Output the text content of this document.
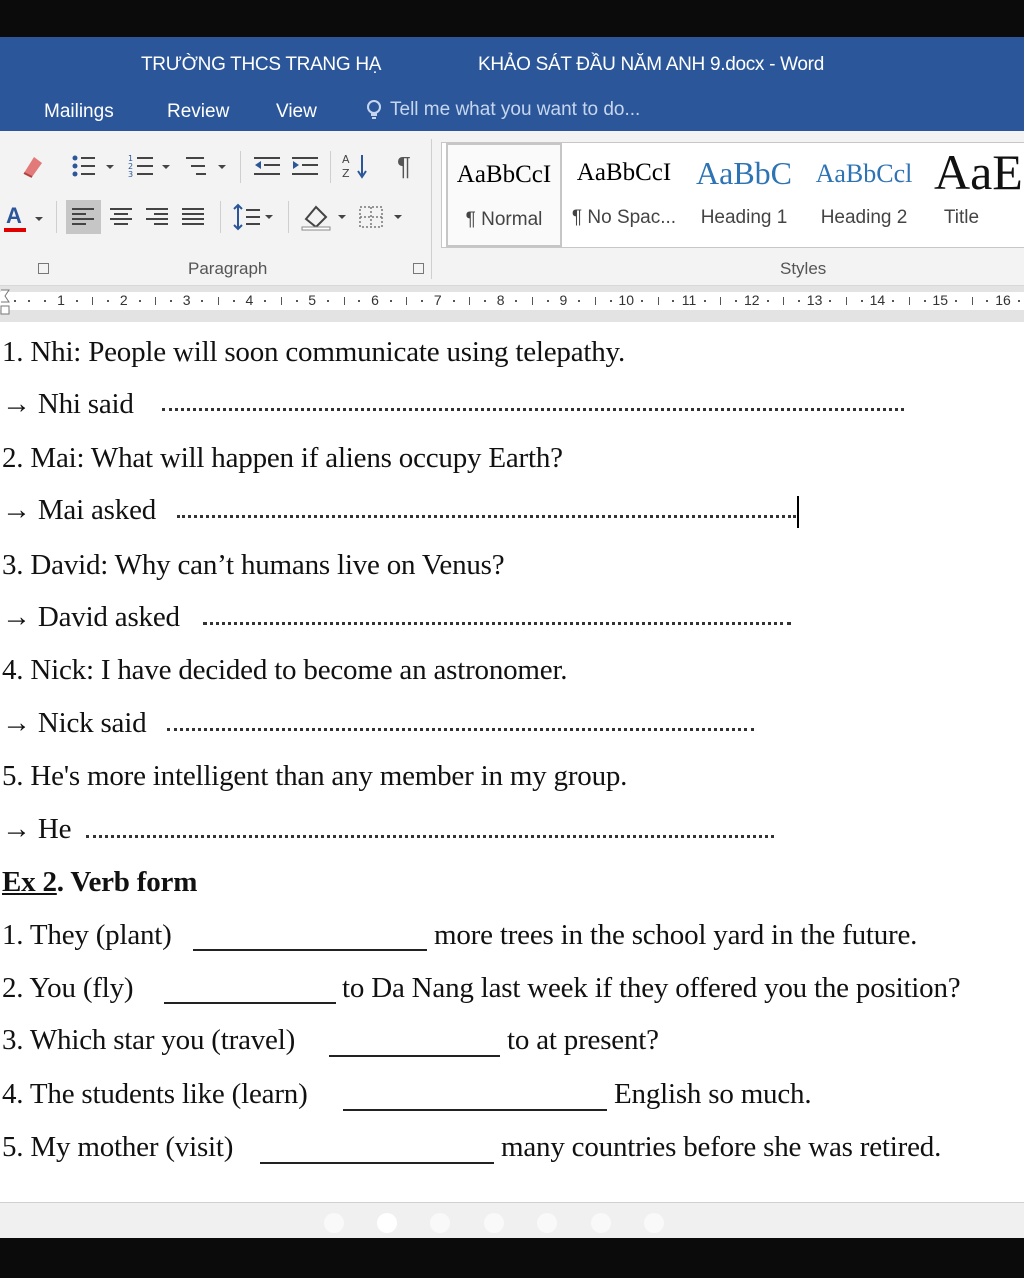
TRƯỜNG THCS TRANG HẠ	KHẢO SÁT ĐẦU NĂM ANH 9.docx - Word
Mailings	Review View	Tell me what you want to do...
1
2
3
A
Z ¶
A
Paragraph
AaBbCcI
¶ Normal
AaBbCcI
¶ No Spac...
AaBbC
Heading 1
AaBbCcl
Heading 2
AaE
Title
Styles
1	2	3	4	5	6	7	8	9	10	11	12	13	14	15	16
1. Nhi: People will soon communicate using telepathy.
→ Nhi said
2. Mai: What will happen if aliens occupy Earth?
→ Mai asked
3. David: Why can’t humans live on Venus?
→ David asked
4. Nick: I have decided to become an astronomer.
→ Nick said
5. He's more intelligent than any member in my group.
→ He
Ex 2. Verb form
1. They (plant)	more trees in the school yard in the future.
2. You (fly)	to Da Nang last week if they offered you the position?
3. Which star you (travel)	to at present?
4. The students like (learn)	English so much.
5. My mother (visit)	many countries before she was retired.
